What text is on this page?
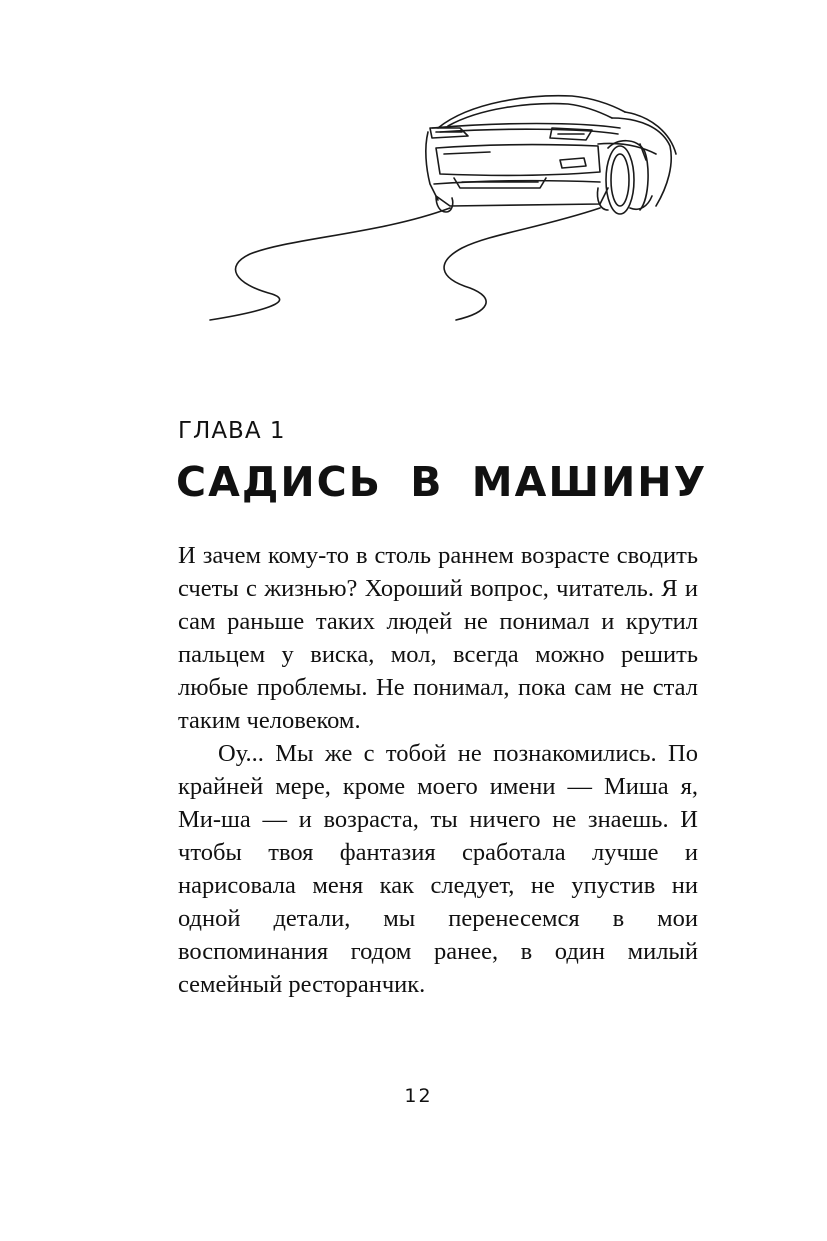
ГЛАВА 1
САДИСЬ В МАШИНУ

И зачем кому-то в столь раннем возрасте сводить счеты с жизнью? Хороший вопрос, читатель. Я и сам раньше таких людей не понимал и крутил пальцем у виска, мол, всегда можно решить любые проблемы. Не понимал, пока сам не стал таким человеком.

Оу... Мы же с тобой не познакомились. По крайней мере, кроме моего имени — Миша я, Ми-ша — и возраста, ты ничего не знаешь. И чтобы твоя фантазия сработала лучше и нарисовала меня как следует, не упустив ни одной детали, мы перенесемся в мои воспоминания годом ранее, в один милый семейный ресторанчик.

12
